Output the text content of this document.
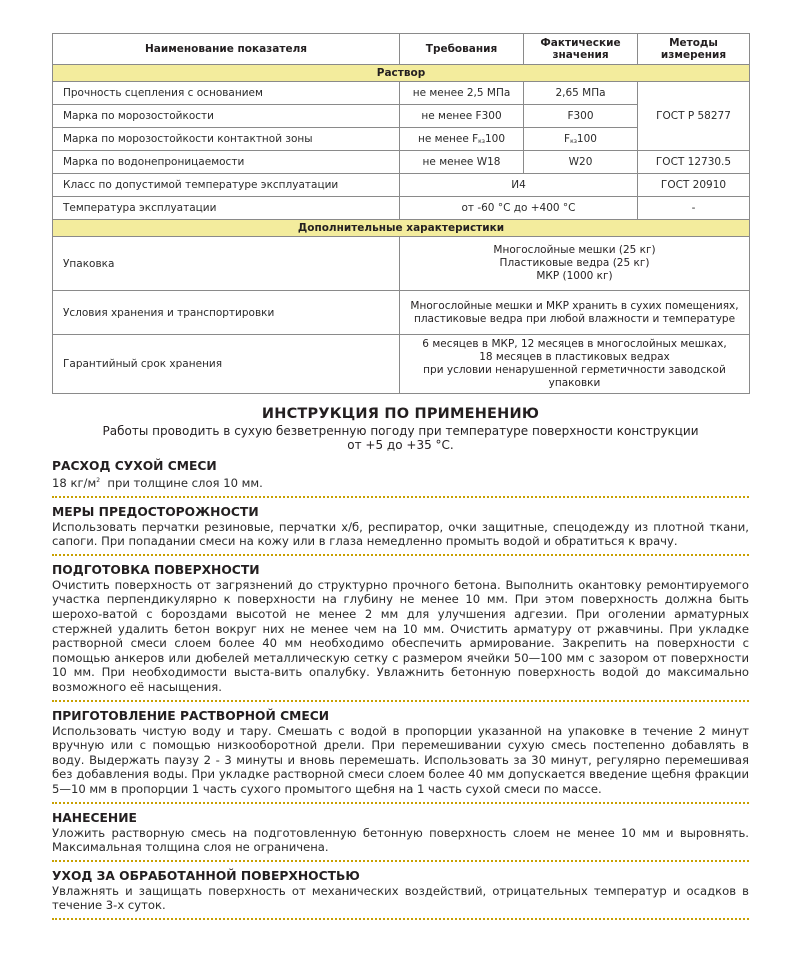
Наименование показателя	Требования	Фактические значения	Методы измерения
Раствор			
Прочность сцепления с основанием	не менее 2,5 МПа	2,65 МПа	ГОСТ Р 58277
Марка по морозостойкости	не менее F300	F300	
Марка по морозостойкости контактной зоны	не менее $F_{кз}100$	$F_{кз}100$	
Марка по водонепроницаемости	не менее W18	W20	ГОСТ 12730.5
Класс по допустимой температуре эксплуатации	И4		ГОСТ 20910
Температура эксплуатации	от -60 °С до +400 °С		-
Дополнительные характеристики			
Упаковка	Многослойные мешки (25 кг)
Пластиковые ведра (25 кг)
МКР (1000 кг)		

Условия хранения и транспортировки	Многослойные мешки и МКР хранить в сухих помещениях,
пластиковые ведра при любой влажности и температуре		

Гарантийный срок хранения	6 месяцев в МКР, 12 месяцев в многослойных мешках,
18 месяцев в пластиковых ведрах
при условии ненарушенной герметичности заводской упаковки		
ИНСТРУКЦИЯ ПО ПРИМЕНЕНИЮ

Работы проводить в сухую безветренную погоду при температуре поверхности конструкции
от +5 до +35 °С.

РАСХОД СУХОЙ СМЕСИ

18 $кг/м^2$  при толщине слоя 10 мм.

МЕРЫ ПРЕДОСТОРОЖНОСТИ

Использовать перчатки резиновые, перчатки х/б, респиратор, очки защитные, спецодежду из плотной ткани, сапоги. При попадании смеси на кожу или в глаза немедленно промыть водой и обратиться к врачу.

ПОДГОТОВКА ПОВЕРХНОСТИ

Очистить поверхность от загрязнений до структурно прочного бетона. Выполнить окантовку ремонтируемого участка перпендикулярно к поверхности на глубину не менее 10 мм. При этом поверхность должна быть шерохо-ватой с бороздами высотой не менее 2 мм для улучшения адгезии. При оголении арматурных стержней удалить бетон вокруг них не менее чем на 10 мм. Очистить арматуру от ржавчины. При укладке растворной смеси слоем более 40 мм необходимо обеспечить армирование. Закрепить на поверхности с помощью анкеров или дюбелей металлическую сетку с размером ячейки 50—100 мм с зазором от поверхности 10 мм. При необходимости выста-вить опалубку. Увлажнить бетонную поверхность водой до максимально возможного её насыщения.

ПРИГОТОВЛЕНИЕ РАСТВОРНОЙ СМЕСИ

Использовать чистую воду и тару. Смешать с водой в пропорции указанной на упаковке в течение 2 минут вручную или с помощью низкооборотной дрели. При перемешивании сухую смесь постепенно добавлять в воду. Выдержать паузу 2 - 3 минуты и вновь перемешать. Использовать за 30 минут, регулярно перемешивая без добавления воды. При укладке растворной смеси слоем более 40 мм допускается введение щебня фракции 5—10 мм в пропорции 1 часть сухого промытого щебня на 1 часть сухой смеси по массе.

НАНЕСЕНИЕ

Уложить растворную смесь на подготовленную бетонную поверхность слоем не менее 10 мм и выровнять. Максимальная толщина слоя не ограничена.

УХОД ЗА ОБРАБОТАННОЙ ПОВЕРХНОСТЬЮ

Увлажнять и защищать поверхность от механических воздействий, отрицательных температур и осадков в течение 3-х суток.
